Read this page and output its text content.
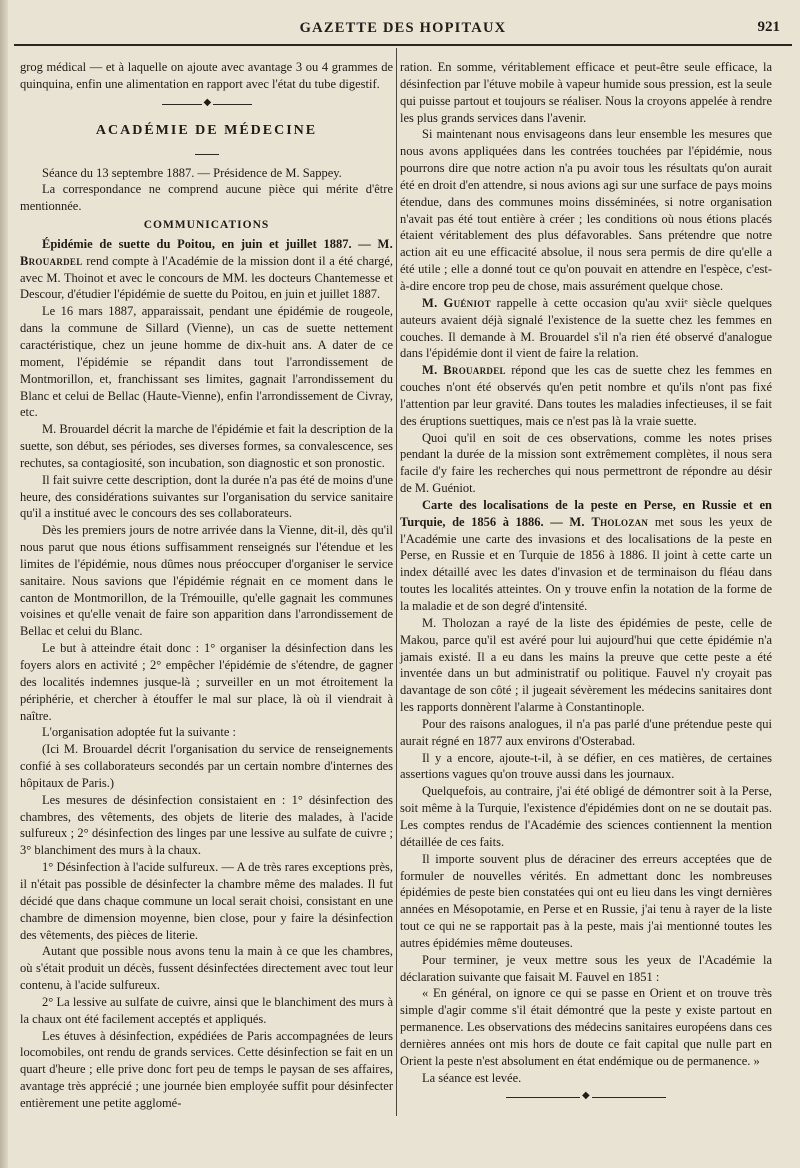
GAZETTE DES HOPITAUX	921

grog médical — et à laquelle on ajoute avec avantage 3 ou 4 grammes de quinquina, enfin une alimentation en rapport avec l'état du tube digestif.

◆
ACADÉMIE DE MÉDECINE

Séance du 13 septembre 1887. — Présidence de M. Sappey.

La correspondance ne comprend aucune pièce qui mérite d'être mentionnée.

COMMUNICATIONS

Épidémie de suette du Poitou, en juin et juillet 1887. — M. Brouardel rend compte à l'Académie de la mission dont il a été chargé, avec M. Thoinot et avec le concours de MM. les docteurs Chantemesse et Descour, d'étudier l'épidémie de suette du Poitou, en juin et juillet 1887.

Le 16 mars 1887, apparaissait, pendant une épidémie de rougeole, dans la commune de Sillard (Vienne), un cas de suette nettement caractéristique, chez un jeune homme de dix-huit ans. A dater de ce moment, l'épidémie se répandit dans tout l'arrondissement de Montmorillon, et, franchissant ses limites, gagnait l'arrondissement du Blanc et celui de Bellac (Haute-Vienne), enfin l'arrondissement de Civray, etc.

M. Brouardel décrit la marche de l'épidémie et fait la description de la suette, son début, ses périodes, ses diverses formes, sa convalescence, ses rechutes, sa contagiosité, son incubation, son diagnostic et son pronostic.

Il fait suivre cette description, dont la durée n'a pas été de moins d'une heure, des considérations suivantes sur l'organisation du service sanitaire qu'il a institué avec le concours des ses collaborateurs.

Dès les premiers jours de notre arrivée dans la Vienne, dit-il, dès qu'il nous parut que nous étions suffisamment renseignés sur l'étendue et les limites de l'épidémie, nous dûmes nous préoccuper d'organiser le service sanitaire. Nous savions que l'épidémie régnait en ce moment dans le canton de Montmorillon, de la Trémouille, qu'elle gagnait les communes voisines et qu'elle venait de faire son apparition dans l'arrondissement de Bellac et celui du Blanc.

Le but à atteindre était donc : 1° organiser la désinfection dans les foyers alors en activité ; 2° empêcher l'épidémie de s'étendre, de gagner des localités indemnes jusque-là ; surveiller en un mot étroitement la périphérie, et chercher à étouffer le mal sur place, là où il viendrait à naître.

L'organisation adoptée fut la suivante :

(Ici M. Brouardel décrit l'organisation du service de renseignements confié à ses collaborateurs secondés par un certain nombre d'internes des hôpitaux de Paris.)

Les mesures de désinfection consistaient en : 1° désinfection des chambres, des vêtements, des objets de literie des malades, à l'acide sulfureux ; 2° désinfection des linges par une lessive au sulfate de cuivre ; 3° blanchiment des murs à la chaux.

1° Désinfection à l'acide sulfureux. — A de très rares exceptions près, il n'était pas possible de désinfecter la chambre même des malades. Il fut décidé que dans chaque commune un local serait choisi, consistant en une chambre de dimension moyenne, bien close, pour y faire la désinfection des vêtements, des pièces de literie.

Autant que possible nous avons tenu la main à ce que les chambres, où s'était produit un décès, fussent désinfectées directement avec tout leur contenu, à l'acide sulfureux.

2° La lessive au sulfate de cuivre, ainsi que le blanchiment des murs à la chaux ont été facilement acceptés et appliqués.

Les étuves à désinfection, expédiées de Paris accompagnées de leurs locomobiles, ont rendu de grands services. Cette désinfection se fait en un quart d'heure ; elle prive donc fort peu de temps le paysan de ses affaires, avantage très apprécié ; une journée bien employée suffit pour désinfecter entièrement une petite agglomé-

ration. En somme, véritablement efficace et peut-être seule efficace, la désinfection par l'étuve mobile à vapeur humide sous pression, est la seule qui puisse partout et toujours se réaliser. Nous la croyons appelée à rendre les plus grands services dans l'avenir.

Si maintenant nous envisageons dans leur ensemble les mesures que nous avons appliquées dans les contrées touchées par l'épidémie, nous pourrons dire que notre action n'a pu avoir tous les résultats qu'on aurait été en droit d'en attendre, si nous avions agi sur une surface de pays moins étendue, dans des communes moins disséminées, si notre organisation n'avait pas été tout entière à créer ; les conditions où nous étions placés étaient véritablement des plus défavorables. Sans prétendre que notre action ait eu une efficacité absolue, il nous sera permis de dire qu'elle a été utile ; elle a donné tout ce qu'on pouvait en attendre en l'espèce, c'est-à-dire encore trop peu de chose, mais assurément quelque chose.

M. Guéniot rappelle à cette occasion qu'au xviiᵉ siècle quelques auteurs avaient déjà signalé l'existence de la suette chez les femmes en couches. Il demande à M. Brouardel s'il n'a rien été observé d'analogue dans l'épidémie dont il vient de faire la relation.

M. Brouardel répond que les cas de suette chez les femmes en couches n'ont été observés qu'en petit nombre et qu'ils n'ont pas fixé l'attention par leur gravité. Dans toutes les maladies infectieuses, il se fait des éruptions suettiques, mais ce n'est pas là la vraie suette.

Quoi qu'il en soit de ces observations, comme les notes prises pendant la durée de la mission sont extrêmement complètes, il nous sera facile d'y faire les recherches qui nous permettront de répondre au désir de M. Guéniot.

Carte des localisations de la peste en Perse, en Russie et en Turquie, de 1856 à 1886. — M. Tholozan met sous les yeux de l'Académie une carte des invasions et des localisations de la peste en Perse, en Russie et en Turquie de 1856 à 1886. Il joint à cette carte un index détaillé avec les dates d'invasion et de terminaison du fléau dans toutes les localités atteintes. On y trouve enfin la notation de la forme de la maladie et de son degré d'intensité.

M. Tholozan a rayé de la liste des épidémies de peste, celle de Makou, parce qu'il est avéré pour lui aujourd'hui que cette épidémie n'a jamais existé. Il a eu dans les mains la preuve que cette peste a été inventée dans un but administratif ou politique. Fauvel n'y croyait pas davantage de son côté ; il jugeait sévèrement les médecins sanitaires dont les rapports donnèrent l'alarme à Constantinople.

Pour des raisons analogues, il n'a pas parlé d'une prétendue peste qui aurait régné en 1877 aux environs d'Osterabad.

Il y a encore, ajoute-t-il, à se défier, en ces matières, de certaines assertions vagues qu'on trouve aussi dans les journaux.

Quelquefois, au contraire, j'ai été obligé de démontrer soit à la Perse, soit même à la Turquie, l'existence d'épidémies dont on ne se doutait pas. Les comptes rendus de l'Académie des sciences contiennent la mention détaillée de ces faits.

Il importe souvent plus de déraciner des erreurs acceptées que de formuler de nouvelles vérités. En admettant donc les nombreuses épidémies de peste bien constatées qui ont eu lieu dans les vingt dernières années en Mésopotamie, en Perse et en Russie, j'ai tenu à rayer de la liste tout ce qui ne se rapportait pas à la peste, mais j'ai mentionné toutes les autres épidémies même douteuses.

Pour terminer, je veux mettre sous les yeux de l'Académie la déclaration suivante que faisait M. Fauvel en 1851 :

« En général, on ignore ce qui se passe en Orient et on trouve très simple d'agir comme s'il était démontré que la peste y existe partout en permanence. Les observations des médecins sanitaires européens dans ces dernières années ont mis hors de doute ce fait capital que nulle part en Orient la peste n'est absolument en état endémique ou de permanence. »

La séance est levée.

◆
